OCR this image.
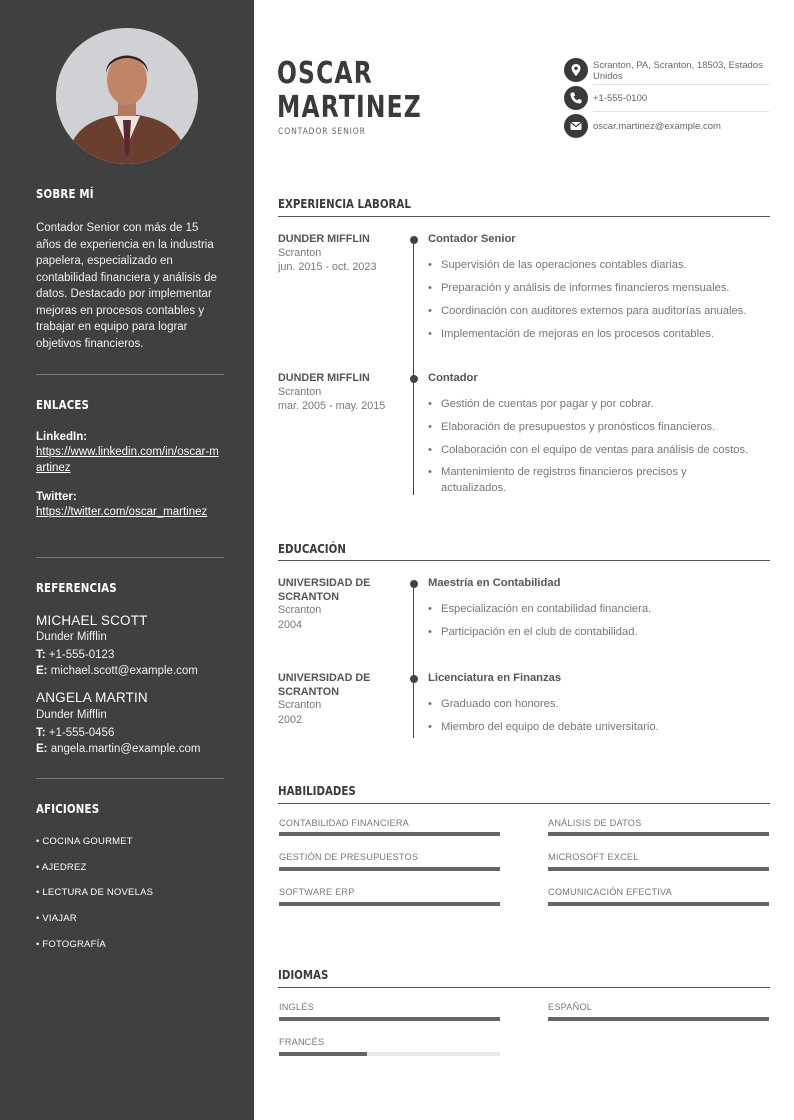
SOBRE MÍ
Contador Senior con más de 15 años de experiencia en la industria papelera, especializado en contabilidad financiera y análisis de datos. Destacado por implementar mejoras en procesos contables y trabajar en equipo para lograr objetivos financieros.
ENLACES
LinkedIn:
https://www.linkedin.com/in/oscar-martinez
Twitter:
https://twitter.com/oscar_martinez
REFERENCIAS
MICHAEL SCOTT
Dunder Mifflin
T: +1-555-0123
E: michael.scott@example.com
ANGELA MARTIN
Dunder Mifflin
T: +1-555-0456
E: angela.martin@example.com
AFICIONES
• COCINA GOURMET
• AJEDREZ
• LECTURA DE NOVELAS
• VIAJAR
• FOTOGRAFÍA
OSCAR
MARTINEZ
CONTADOR SENIOR
Scranton, PA, Scranton, 18503, Estados Unidos
+1-555-0100
oscar.martinez@example.com
EXPERIENCIA LABORAL
DUNDER MIFFLIN
Scranton
jun. 2015 - oct. 2023
Contador Senior
• Supervisión de las operaciones contables diarias.
• Preparación y análisis de informes financieros mensuales.
• Coordinación con auditores externos para auditorías anuales.
• Implementación de mejoras en los procesos contables.
DUNDER MIFFLIN
Scranton
mar. 2005 - may. 2015
Contador
• Gestión de cuentas por pagar y por cobrar.
• Elaboración de presupuestos y pronósticos financieros.
• Colaboración con el equipo de ventas para análisis de costos.
• Mantenimiento de registros financieros precisos y actualizados.
EDUCACIÓN
UNIVERSIDAD DE SCRANTON
Scranton
2004
Maestría en Contabilidad
• Especialización en contabilidad financiera.
• Participación en el club de contabilidad.
UNIVERSIDAD DE SCRANTON
Scranton
2002
Licenciatura en Finanzas
• Graduado con honores.
• Miembro del equipo de debate universitario.
HABILIDADES
CONTABILIDAD FINANCIERA	ANÁLISIS DE DATOS
GESTIÓN DE PRESUPUESTOS	MICROSOFT EXCEL
SOFTWARE ERP	COMUNICACIÓN EFECTIVA
IDIOMAS
INGLÉS	ESPAÑOL
FRANCÉS
